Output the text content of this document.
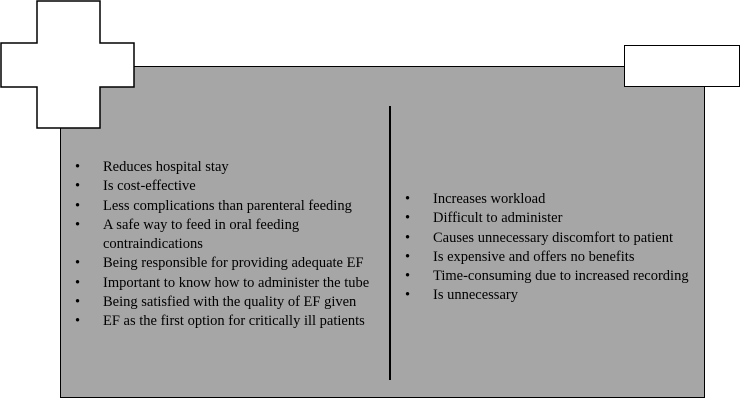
• Reduces hospital stay
• Is cost-effective
• Less complications than parenteral feeding
• A safe way to feed in oral feeding contraindications
• Being responsible for providing adequate EF
• Important to know how to administer the tube
• Being satisfied with the quality of EF given
• EF as the first option for critically ill patients
• Increases workload
• Difficult to administer
• Causes unnecessary discomfort to patient
• Is expensive and offers no benefits
• Time-consuming due to increased recording
• Is unnecessary
